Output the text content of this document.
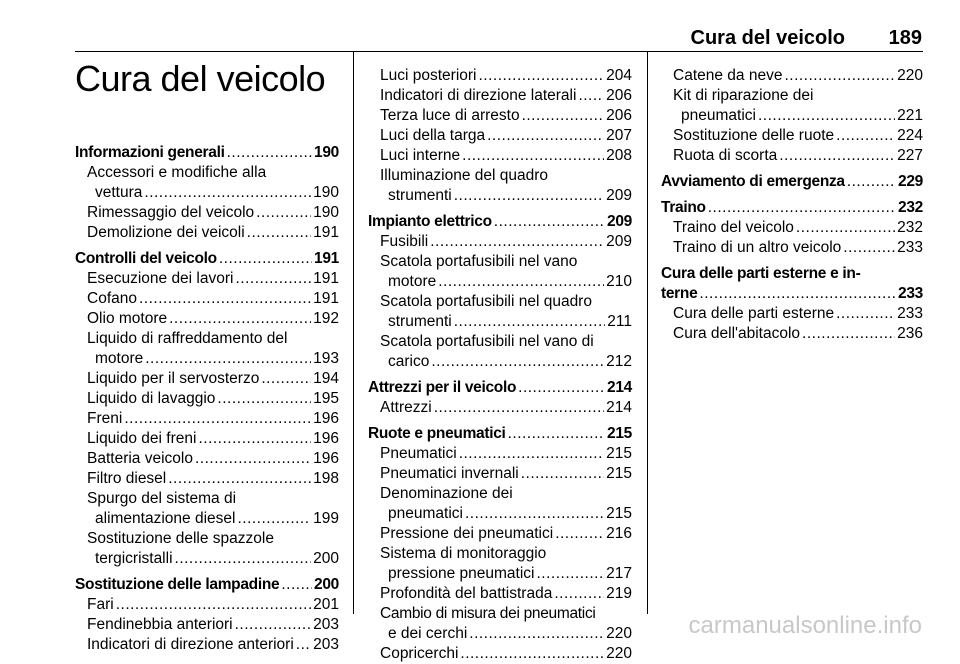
Cura del veicolo 189
Cura del veicolo
Informazioni generali .....	190
Accessori e modifiche alla
vettura .....	190
Rimessaggio del veicolo .....	190
Demolizione dei veicoli .....	191
Controlli del veicolo .....	191
Esecuzione dei lavori .....	191
Cofano .....	191
Olio motore .....	192
Liquido di raffreddamento del
motore .....	193
Liquido per il servosterzo .....	194
Liquido di lavaggio .....	195
Freni .....	196
Liquido dei freni .....	196
Batteria veicolo .....	196
Filtro diesel .....	198
Spurgo del sistema di
alimentazione diesel .....	199
Sostituzione delle spazzole
tergicristalli .....	200
Sostituzione delle lampadine ..... 200
Fari .....	201
Fendinebbia anteriori .....	203
Indicatori di direzione anteriori ..... 203
Luci posteriori .....	204
Indicatori di direzione laterali ..... 206
Terza luce di arresto .....	206
Luci della targa .....	207
Luci interne .....	208
Illuminazione del quadro
strumenti .....	209
Impianto elettrico .....	209
Fusibili .....	209
Scatola portafusibili nel vano
motore .....	210
Scatola portafusibili nel quadro
strumenti .....	211
Scatola portafusibili nel vano di
carico .....	212
Attrezzi per il veicolo .....	214
Attrezzi .....	214
Ruote e pneumatici .....	215
Pneumatici .....	215
Pneumatici invernali .....	215
Denominazione dei
pneumatici .....	215
Pressione dei pneumatici .....	216
Sistema di monitoraggio
pressione pneumatici .....	217
Profondità del battistrada .....	219
Cambio di misura dei pneumatici
e dei cerchi .....	220
Copricerchi .....	220
Catene da neve .....	220
Kit di riparazione dei
pneumatici .....	221
Sostituzione delle ruote .....	224
Ruota di scorta .....	227
Avviamento di emergenza .....	229
Traino .....	232
Traino del veicolo .....	232
Traino di un altro veicolo .....	233
Cura delle parti esterne e in-
terne .....	233
Cura delle parti esterne .....	233
Cura dell'abitacolo .....	236
carmanualsonline.info
